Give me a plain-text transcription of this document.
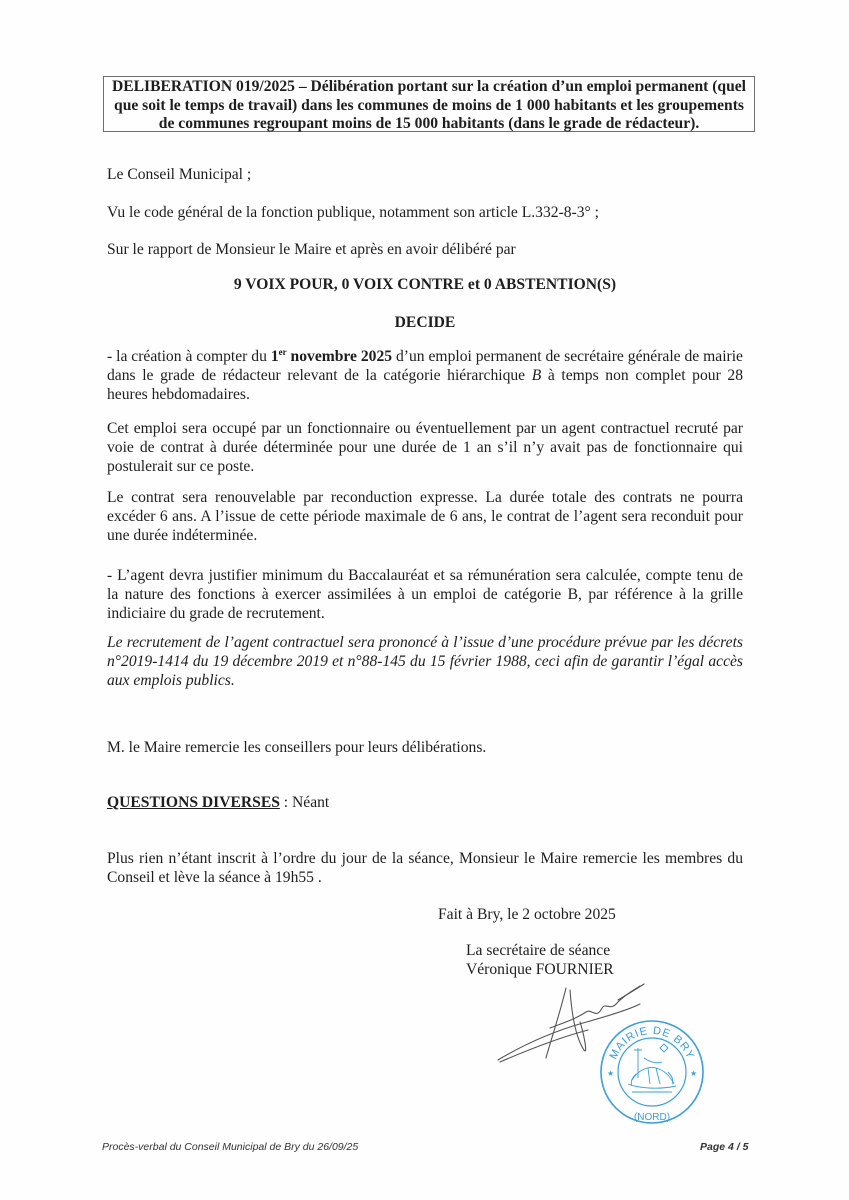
DELIBERATION 019/2025 – Délibération portant sur la création d’un emploi permanent (quel que soit le temps de travail) dans les communes de moins de 1 000 habitants et les groupements de communes regroupant moins de 15 000 habitants (dans le grade de rédacteur).
Le Conseil Municipal ;
Vu le code général de la fonction publique, notamment son article L.332-8-3° ;
Sur le rapport de Monsieur le Maire et après en avoir délibéré par
9 VOIX POUR, 0 VOIX CONTRE et 0 ABSTENTION(S)
DECIDE
- la création à compter du 1er novembre 2025 d’un emploi permanent de secrétaire générale de mairie dans le grade de rédacteur relevant de la catégorie hiérarchique B à temps non complet pour 28 heures hebdomadaires.
Cet emploi sera occupé par un fonctionnaire ou éventuellement par un agent contractuel recruté par voie de contrat à durée déterminée pour une durée de 1 an s’il n’y avait pas de fonctionnaire qui postulerait sur ce poste.
Le contrat sera renouvelable par reconduction expresse. La durée totale des contrats ne pourra excéder 6 ans. A l’issue de cette période maximale de 6 ans, le contrat de l’agent sera reconduit pour une durée indéterminée.
- L’agent devra justifier minimum du Baccalauréat et sa rémunération sera calculée, compte tenu de la nature des fonctions à exercer assimilées à un emploi de catégorie B, par référence à la grille indiciaire du grade de recrutement.
Le recrutement de l’agent contractuel sera prononcé à l’issue d’une procédure prévue par les décrets n°2019-1414 du 19 décembre 2019 et n°88-145 du 15 février 1988, ceci afin de garantir l’égal accès aux emplois publics.
M. le Maire remercie les conseillers pour leurs délibérations.
QUESTIONS DIVERSES : Néant
Plus rien n’étant inscrit à l’ordre du jour de la séance, Monsieur le Maire remercie les membres du Conseil et lève la séance à 19h55 .
Fait à Bry, le 2 octobre 2025
La secrétaire de séance
Véronique FOURNIER
MAIRIE DE BRY
(NORD)
★	★
Procès-verbal du Conseil Municipal de Bry du 26/09/25	Page 4 / 5
